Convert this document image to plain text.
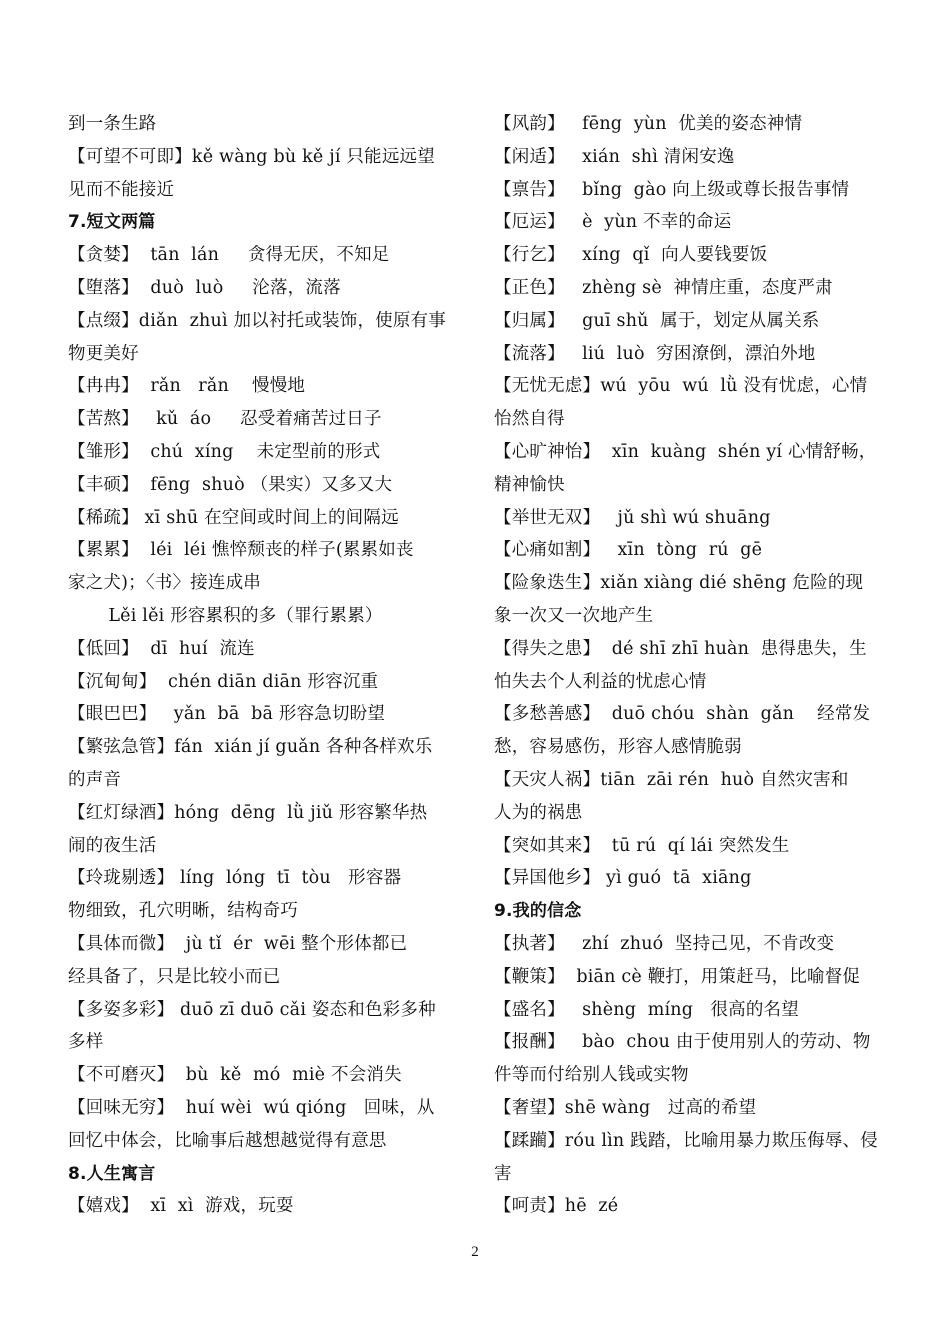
到一条生路
【可望不可即】kě wàng bù kě jí 只能远远望
见而不能接近
7.短文两篇
【贪婪】  tān  lán     贪得无厌，不知足
【堕落】  duò  luò     沦落，流落
【点缀】diǎn  zhuì 加以衬托或装饰，使原有事
物更美好
【冉冉】  rǎn   rǎn    慢慢地
【苦熬】   kǔ  áo     忍受着痛苦过日子
【雏形】  chú  xíng    未定型前的形式
【丰硕】  fēng  shuò （果实）又多又大
【稀疏】 xī shū 在空间或时间上的间隔远
【累累】  léi  léi 憔悴颓丧的样子(累累如丧
家之犬)；〈书〉接连成串
Lěi lěi 形容累积的多（罪行累累）
【低回】  dī  huí  流连
【沉甸甸】  chén diān diān 形容沉重
【眼巴巴】   yǎn  bā  bā 形容急切盼望
【繁弦急管】fán  xián jí guǎn 各种各样欢乐
的声音
【红灯绿酒】hóng  dēng  lǜ jiǔ 形容繁华热
闹的夜生活
【玲珑剔透】 líng  lóng  tī  tòu   形容器
物细致，孔穴明晰，结构奇巧
【具体而微】  jù tǐ  ér  wēi 整个形体都已
经具备了，只是比较小而已
【多姿多彩】 duō zī duō cǎi 姿态和色彩多种
多样
【不可磨灭】  bù  kě  mó  miè 不会消失
【回味无穷】  huí wèi  wú qióng   回味，从
回忆中体会，比喻事后越想越觉得有意思
8.人生寓言
【嬉戏】  xī  xì  游戏，玩耍
【风韵】   fēng  yùn  优美的姿态神情
【闲适】   xián  shì 清闲安逸
【禀告】   bǐng  gào 向上级或尊长报告事情
【厄运】   è  yùn 不幸的命运
【行乞】   xíng  qǐ  向人要钱要饭
【正色】   zhèng sè  神情庄重，态度严肃
【归属】   guī shǔ  属于，划定从属关系
【流落】   liú  luò  穷困潦倒，漂泊外地
【无忧无虑】wú  yōu  wú  lǜ 没有忧虑，心情
怡然自得
【心旷神怡】  xīn  kuàng  shén yí 心情舒畅，
精神愉快
【举世无双】   jǔ shì wú shuāng
【心痛如割】   xīn  tòng  rú  gē
【险象迭生】xiǎn xiàng dié shēng 危险的现
象一次又一次地产生
【得失之患】  dé shī zhī huàn  患得患失，生
怕失去个人利益的忧虑心情
【多愁善感】  duō chóu  shàn  gǎn    经常发
愁，容易感伤，形容人感情脆弱
【天灾人祸】tiān  zāi rén  huò 自然灾害和
人为的祸患
【突如其来】  tū rú  qí lái 突然发生
【异国他乡】 yì guó  tā  xiāng
9.我的信念
【执著】   zhí  zhuó  坚持己见，不肯改变
【鞭策】  biān cè 鞭打，用策赶马，比喻督促
【盛名】   shèng  míng   很高的名望
【报酬】   bào  chou 由于使用别人的劳动、物
件等而付给别人钱或实物
【奢望】shē wàng   过高的希望
【蹂躏】róu lìn 践踏，比喻用暴力欺压侮辱、侵
害
【呵责】hē  zé
2
